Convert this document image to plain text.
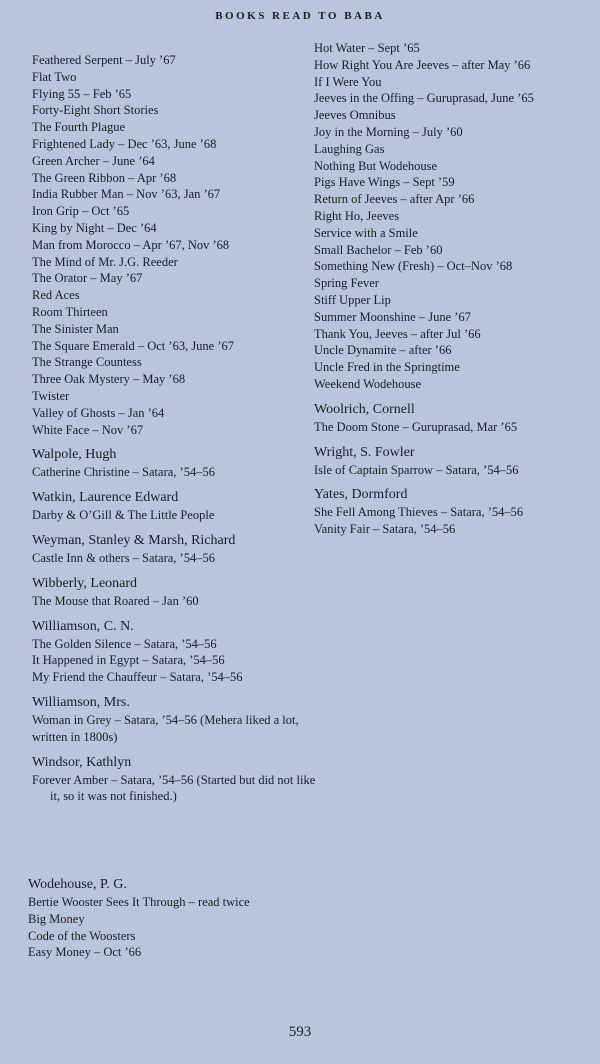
BOOKS READ TO BABA
Feathered Serpent – July ’67
Flat Two
Flying 55 – Feb ’65
Forty-Eight Short Stories
The Fourth Plague
Frightened Lady – Dec ’63, June ’68
Green Archer – June ’64
The Green Ribbon – Apr ’68
India Rubber Man – Nov ’63, Jan ’67
Iron Grip – Oct ’65
King by Night – Dec ’64
Man from Morocco – Apr ’67, Nov ’68
The Mind of Mr. J.G. Reeder
The Orator – May ’67
Red Aces
Room Thirteen
The Sinister Man
The Square Emerald – Oct ’63, June ’67
The Strange Countess
Three Oak Mystery – May ’68
Twister
Valley of Ghosts – Jan ’64
White Face – Nov ’67
Walpole, Hugh
Catherine Christine – Satara, ’54–56
Watkin, Laurence Edward
Darby & O’Gill & The Little People
Weyman, Stanley & Marsh, Richard
Castle Inn & others – Satara, ’54–56
Wibberly, Leonard
The Mouse that Roared – Jan ’60
Williamson, C. N.
The Golden Silence – Satara, ’54–56
It Happened in Egypt – Satara, ’54–56
My Friend the Chauffeur – Satara, ’54–56
Williamson, Mrs.
Woman in Grey – Satara, ’54–56 (Mehera liked a lot, written in 1800s)
Windsor, Kathlyn
Forever Amber – Satara, ’54–56 (Started but did not like it, so it was not finished.)
Wodehouse, P. G.
Bertie Wooster Sees It Through – read twice
Big Money
Code of the Woosters
Easy Money – Oct ’66
Hot Water – Sept ’65
How Right You Are Jeeves – after May ’66
If I Were You
Jeeves in the Offing – Guruprasad, June ’65
Jeeves Omnibus
Joy in the Morning – July ’60
Laughing Gas
Nothing But Wodehouse
Pigs Have Wings – Sept ’59
Return of Jeeves – after Apr ’66
Right Ho, Jeeves
Service with a Smile
Small Bachelor – Feb ’60
Something New (Fresh) – Oct–Nov ’68
Spring Fever
Stiff Upper Lip
Summer Moonshine – June ’67
Thank You, Jeeves – after Jul ’66
Uncle Dynamite – after ’66
Uncle Fred in the Springtime
Weekend Wodehouse
Woolrich, Cornell
The Doom Stone – Guruprasad, Mar ’65
Wright, S. Fowler
Isle of Captain Sparrow – Satara, ’54–56
Yates, Dormford
She Fell Among Thieves – Satara, ’54–56
Vanity Fair – Satara, ’54–56
593
